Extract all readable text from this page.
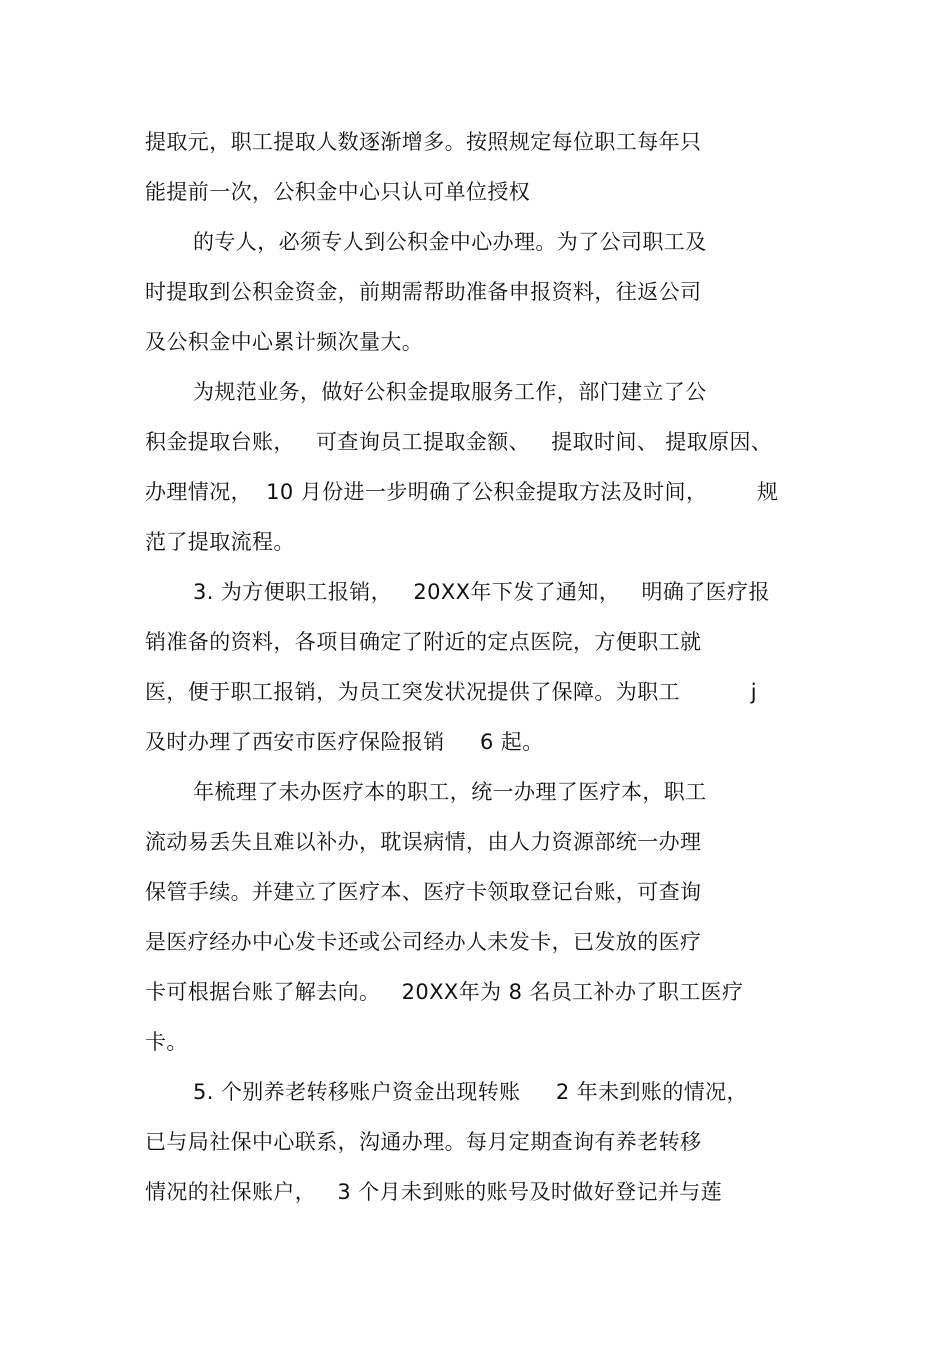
提取元，职工提取人数逐渐增多。按照规定每位职工每年只
能提前一次，公积金中心只认可单位授权
的专人，必须专人到公积金中心办理。为了公司职工及
时提取到公积金资金，前期需帮助准备申报资料，往返公司
及公积金中心累计频次量大。
为规范业务，做好公积金提取服务工作，部门建立了公
积金提取台账，   可查询员工提取金额、   提取时间、 提取原因、
办理情况，  10 月份进一步明确了公积金提取方法及时间，       规
范了提取流程。
3. 为方便职工报销，   20XX年下发了通知，   明确了医疗报
销准备的资料，各项目确定了附近的定点医院，方便职工就
医，便于职工报销，为员工突发状况提供了保障。为职工          j
及时办理了西安市医疗保险报销     6 起。
年梳理了未办医疗本的职工，统一办理了医疗本，职工
流动易丢失且难以补办，耽误病情，由人力资源部统一办理
保管手续。并建立了医疗本、医疗卡领取登记台账，可查询
是医疗经办中心发卡还或公司经办人未发卡，已发放的医疗
卡可根据台账了解去向。   20XX年为 8 名员工补办了职工医疗
卡。
5. 个别养老转移账户资金出现转账     2 年未到账的情况，
已与局社保中心联系，沟通办理。每月定期查询有养老转移
情况的社保账户，   3 个月未到账的账号及时做好登记并与莲
